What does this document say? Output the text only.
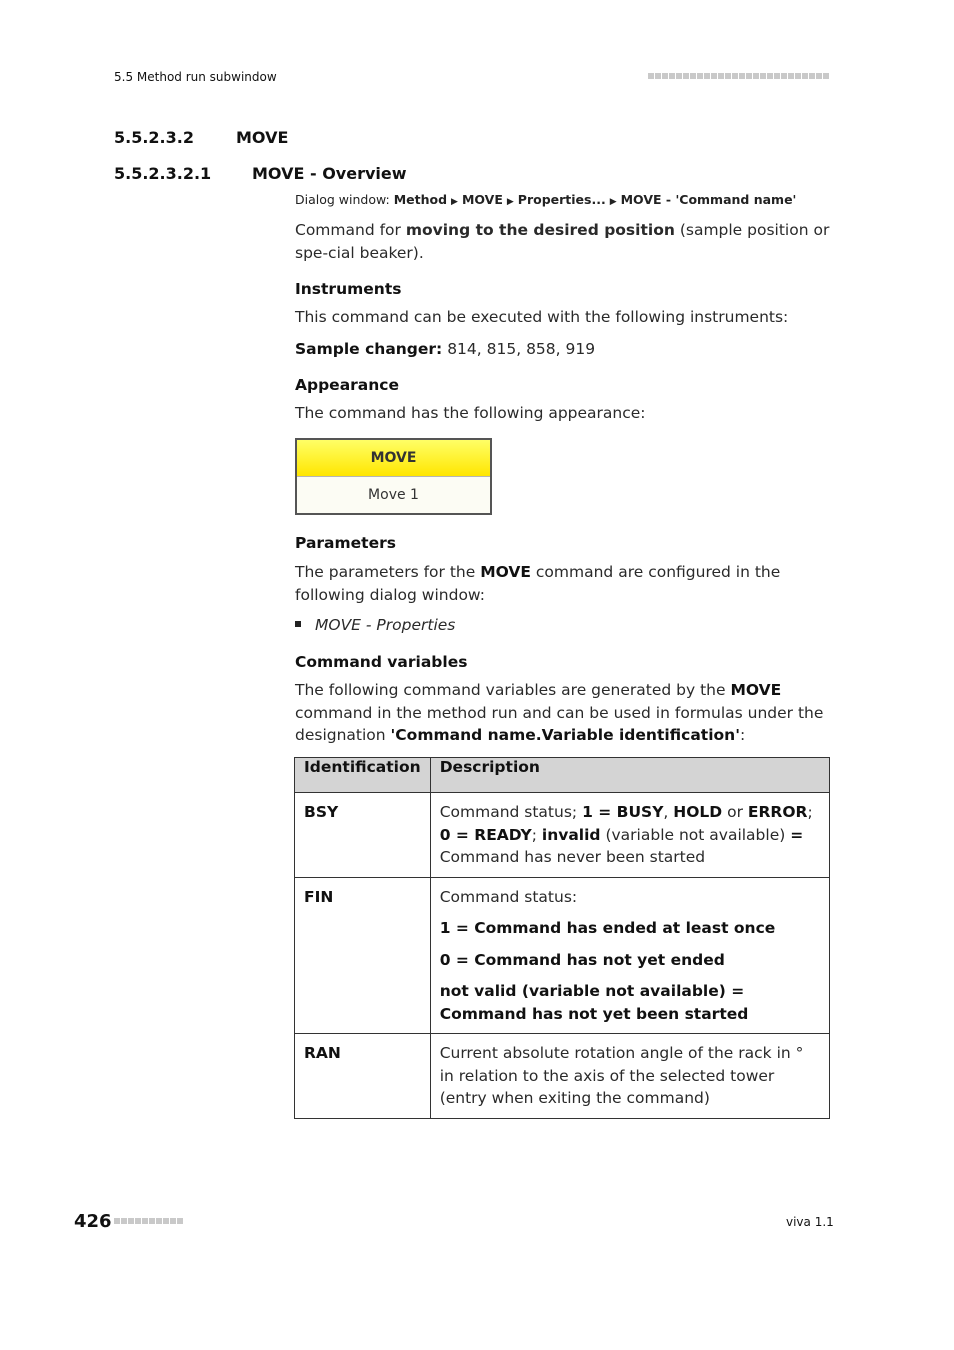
5.5 Method run subwindow
5.5.2.3.2	MOVE
5.5.2.3.2.1	MOVE - Overview
Dialog window: Method ▶ MOVE ▶ Properties... ▶ MOVE - 'Command name'
Command for moving to the desired position (sample position or spe-cial beaker).
Instruments
This command can be executed with the following instruments:
Sample changer: 814, 815, 858, 919
Appearance
The command has the following appearance:
MOVE
Move 1
Parameters
The parameters for the MOVE command are configured in the following dialog window:
MOVE - Properties
Command variables
The following command variables are generated by the MOVE command in the method run and can be used in formulas under the designation 'Command name.Variable identification':
Identification	Description
BSY	Command status; 1 = BUSY, HOLD or ERROR; 0 = READY; invalid (variable not available) = Command has never been started
FIN	Command status:
1 = Command has ended at least once
0 = Command has not yet ended
not valid (variable not available) = Command has not yet been started

RAN	Current absolute rotation angle of the rack in ° in relation to the axis of the selected tower (entry when exiting the command)
426	viva 1.1
